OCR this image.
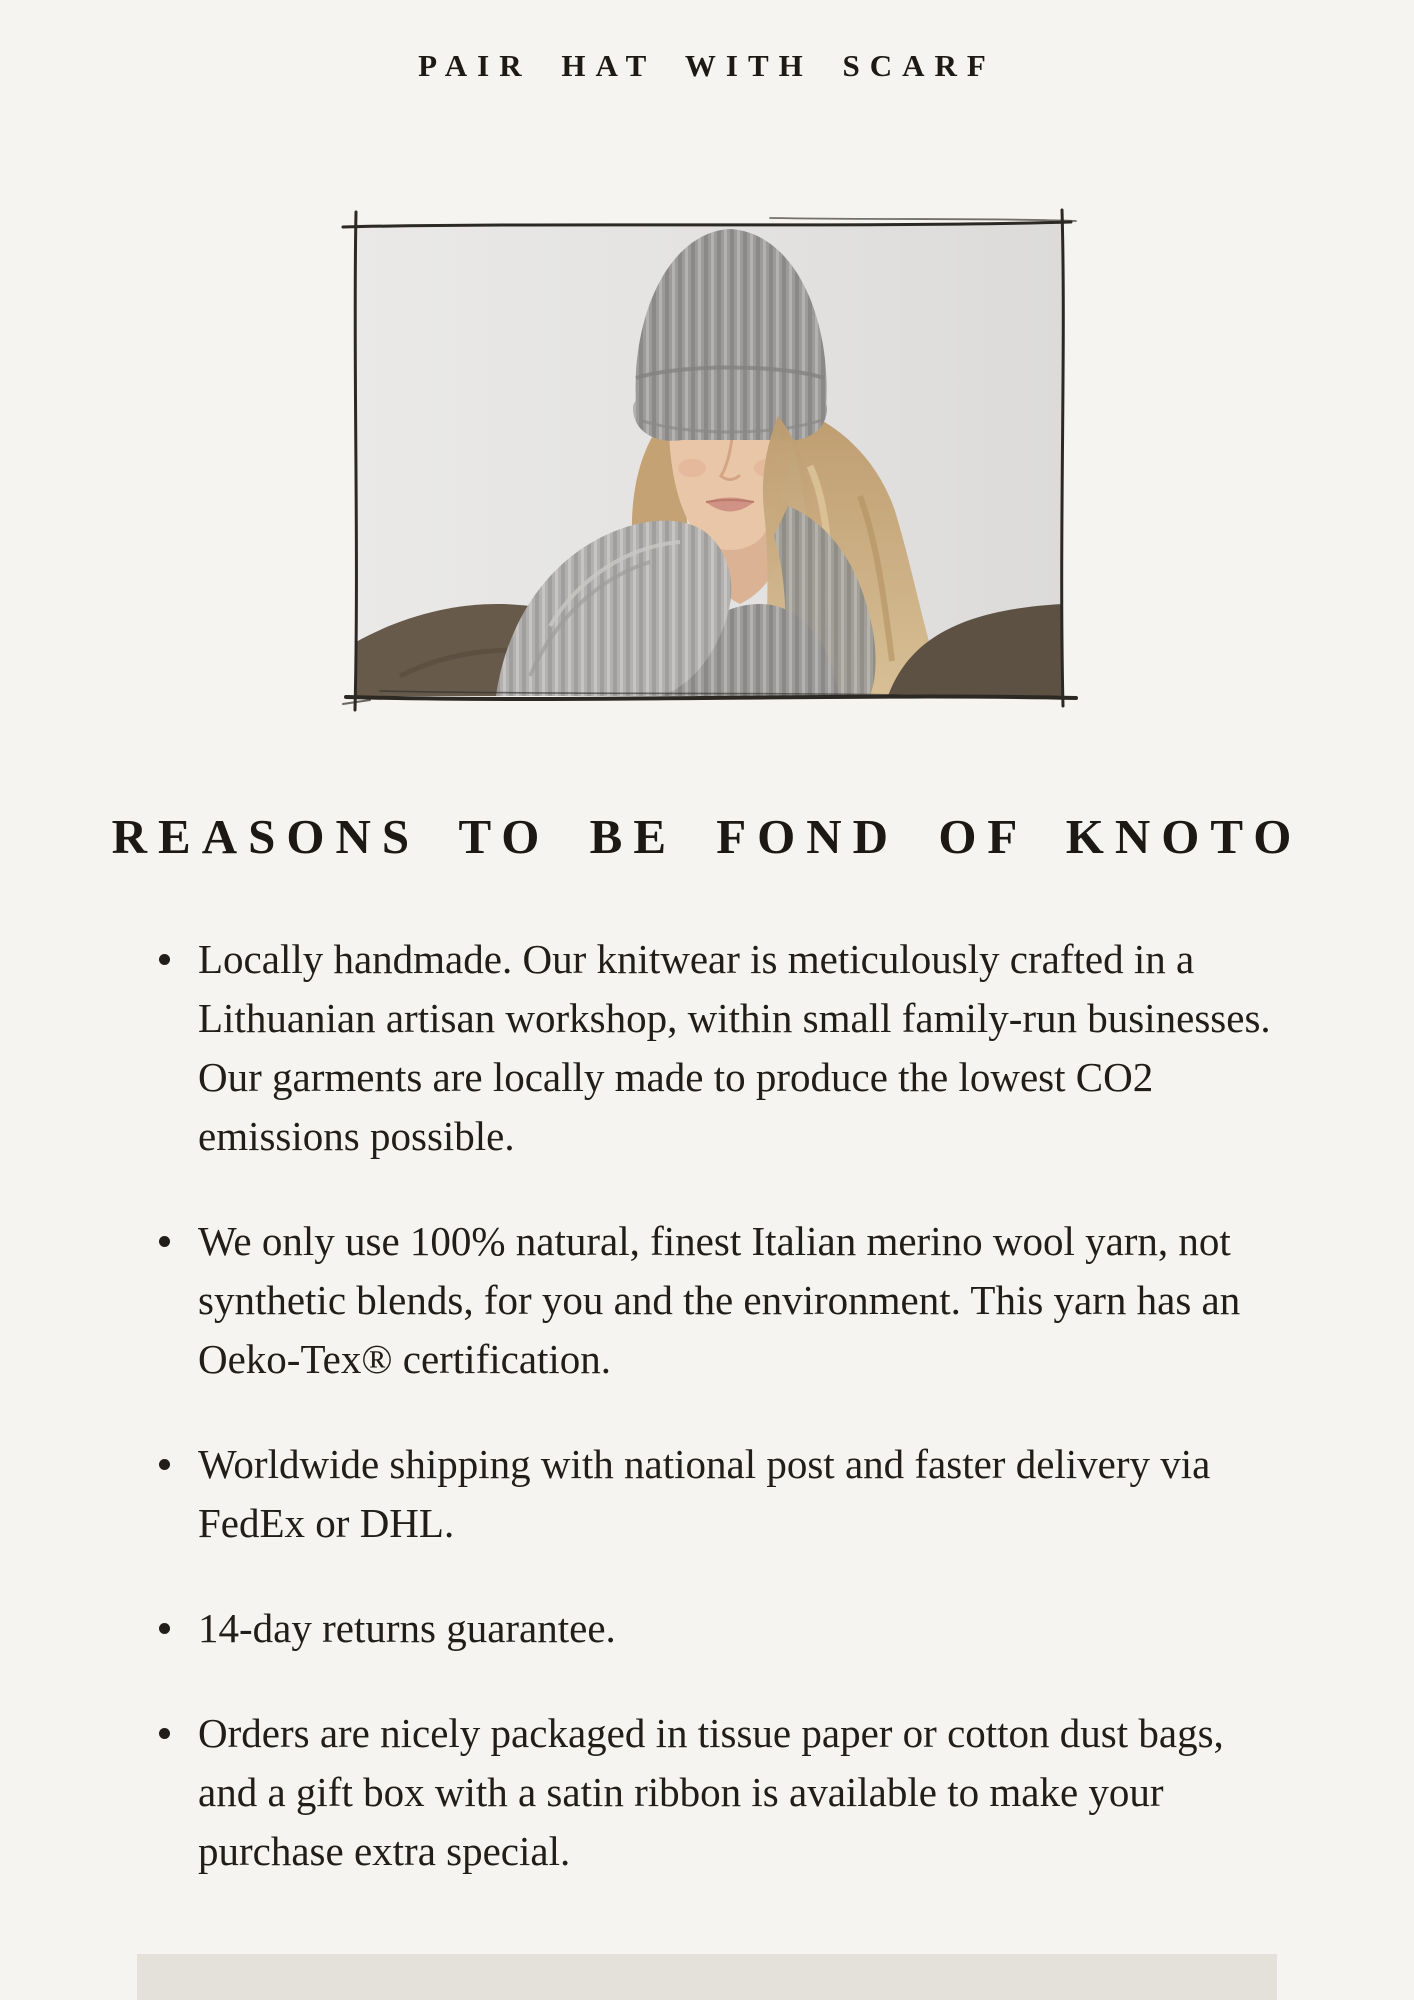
PAIR HAT WITH SCARF
REASONS TO BE FOND OF KNOTO
Locally handmade. Our knitwear is meticulously crafted in a Lithuanian artisan workshop, within small family-run businesses. Our garments are locally made to produce the lowest CO2 emissions possible.
We only use 100% natural, finest Italian merino wool yarn, not synthetic blends, for you and the environment. This yarn has an Oeko-Tex® certification.
Worldwide shipping with national post and faster delivery via FedEx or DHL.
14-day returns guarantee.
Orders are nicely packaged in tissue paper or cotton dust bags, and a gift box with a satin ribbon is available to make your purchase extra special.
